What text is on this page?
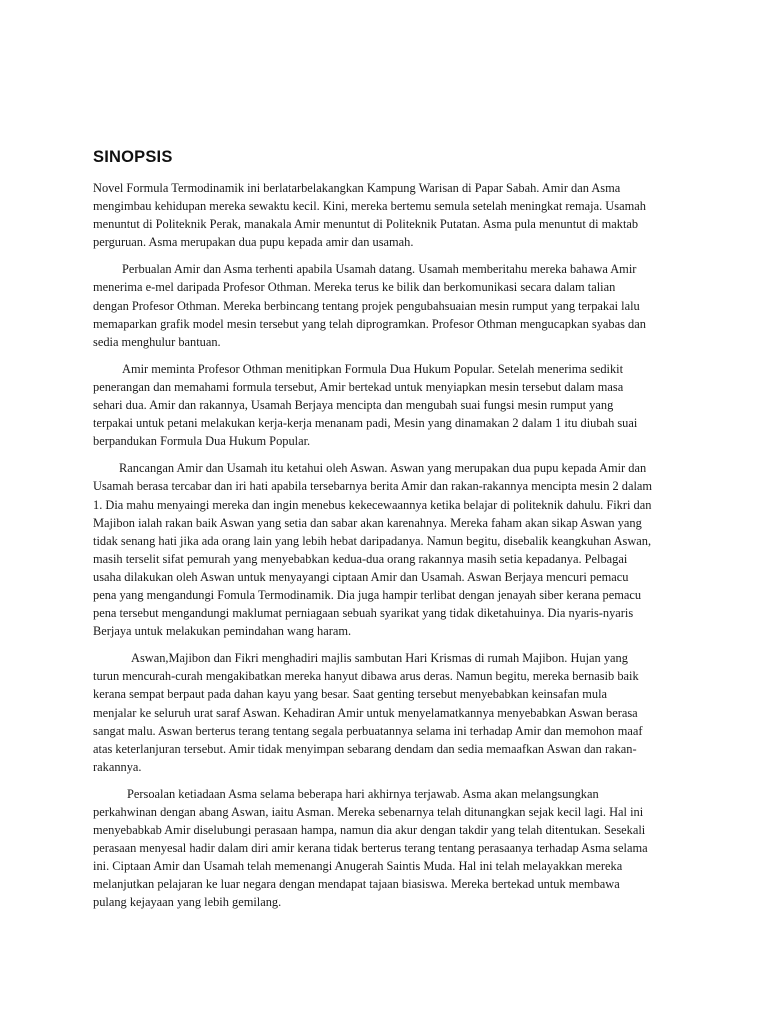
SINOPSIS

Novel Formula Termodinamik ini berlatarbelakangkan Kampung Warisan di Papar Sabah. Amir dan Asma mengimbau kehidupan mereka sewaktu kecil. Kini, mereka bertemu semula setelah meningkat remaja. Usamah menuntut di Politeknik Perak, manakala Amir menuntut di Politeknik Putatan. Asma pula menuntut di maktab perguruan. Asma merupakan dua pupu kepada amir dan usamah.

Perbualan Amir dan Asma terhenti apabila Usamah datang. Usamah memberitahu mereka bahawa Amir menerima e-mel daripada Profesor Othman. Mereka terus ke bilik dan berkomunikasi secara dalam talian dengan Profesor Othman. Mereka berbincang tentang projek pengubahsuaian mesin rumput yang terpakai lalu memaparkan grafik model mesin tersebut yang telah diprogramkan. Profesor Othman mengucapkan syabas dan sedia menghulur bantuan.

Amir meminta Profesor Othman menitipkan Formula Dua Hukum Popular. Setelah menerima sedikit penerangan dan memahami formula tersebut, Amir bertekad untuk menyiapkan mesin tersebut dalam masa sehari dua. Amir dan rakannya, Usamah Berjaya mencipta dan mengubah suai fungsi mesin rumput yang terpakai untuk petani melakukan kerja-kerja menanam padi, Mesin yang dinamakan 2 dalam 1 itu diubah suai berpandukan Formula Dua Hukum Popular.

Rancangan Amir dan Usamah itu ketahui oleh Aswan. Aswan yang merupakan dua pupu kepada Amir dan Usamah berasa tercabar dan iri hati apabila tersebarnya berita Amir dan rakan-rakannya mencipta mesin 2 dalam 1. Dia mahu menyaingi mereka dan ingin menebus kekecewaannya ketika belajar di politeknik dahulu. Fikri dan Majibon ialah rakan baik Aswan yang setia dan sabar akan karenahnya. Mereka faham akan sikap Aswan yang tidak senang hati jika ada orang lain yang lebih hebat daripadanya. Namun begitu, disebalik keangkuhan Aswan, masih terselit sifat pemurah yang menyebabkan kedua-dua orang rakannya masih setia kepadanya. Pelbagai usaha dilakukan oleh Aswan untuk menyayangi ciptaan Amir dan Usamah. Aswan Berjaya mencuri pemacu pena yang mengandungi Fomula Termodinamik. Dia juga hampir terlibat dengan jenayah siber kerana pemacu pena tersebut mengandungi maklumat perniagaan sebuah syarikat yang tidak diketahuinya. Dia nyaris-nyaris Berjaya untuk melakukan pemindahan wang haram.

Aswan,Majibon dan Fikri menghadiri majlis sambutan Hari Krismas di rumah Majibon. Hujan yang turun mencurah-curah mengakibatkan mereka hanyut dibawa arus deras. Namun begitu, mereka bernasib baik kerana sempat berpaut pada dahan kayu yang besar. Saat genting tersebut menyebabkan keinsafan mula menjalar ke seluruh urat saraf Aswan. Kehadiran Amir untuk menyelamatkannya menyebabkan Aswan berasa sangat malu. Aswan berterus terang tentang segala perbuatannya selama ini terhadap Amir dan memohon maaf atas keterlanjuran tersebut. Amir tidak menyimpan sebarang dendam dan sedia memaafkan Aswan dan rakan-rakannya.

Persoalan ketiadaan Asma selama beberapa hari akhirnya terjawab. Asma akan melangsungkan perkahwinan dengan abang Aswan, iaitu Asman. Mereka sebenarnya telah ditunangkan sejak kecil lagi. Hal ini menyebabkab Amir diselubungi perasaan hampa, namun dia akur dengan takdir yang telah ditentukan. Sesekali perasaan menyesal hadir dalam diri amir kerana tidak berterus terang tentang perasaanya terhadap Asma selama ini. Ciptaan Amir dan Usamah telah memenangi Anugerah Saintis Muda. Hal ini telah melayakkan mereka melanjutkan pelajaran ke luar negara dengan mendapat tajaan biasiswa. Mereka bertekad untuk membawa pulang kejayaan yang lebih gemilang.
